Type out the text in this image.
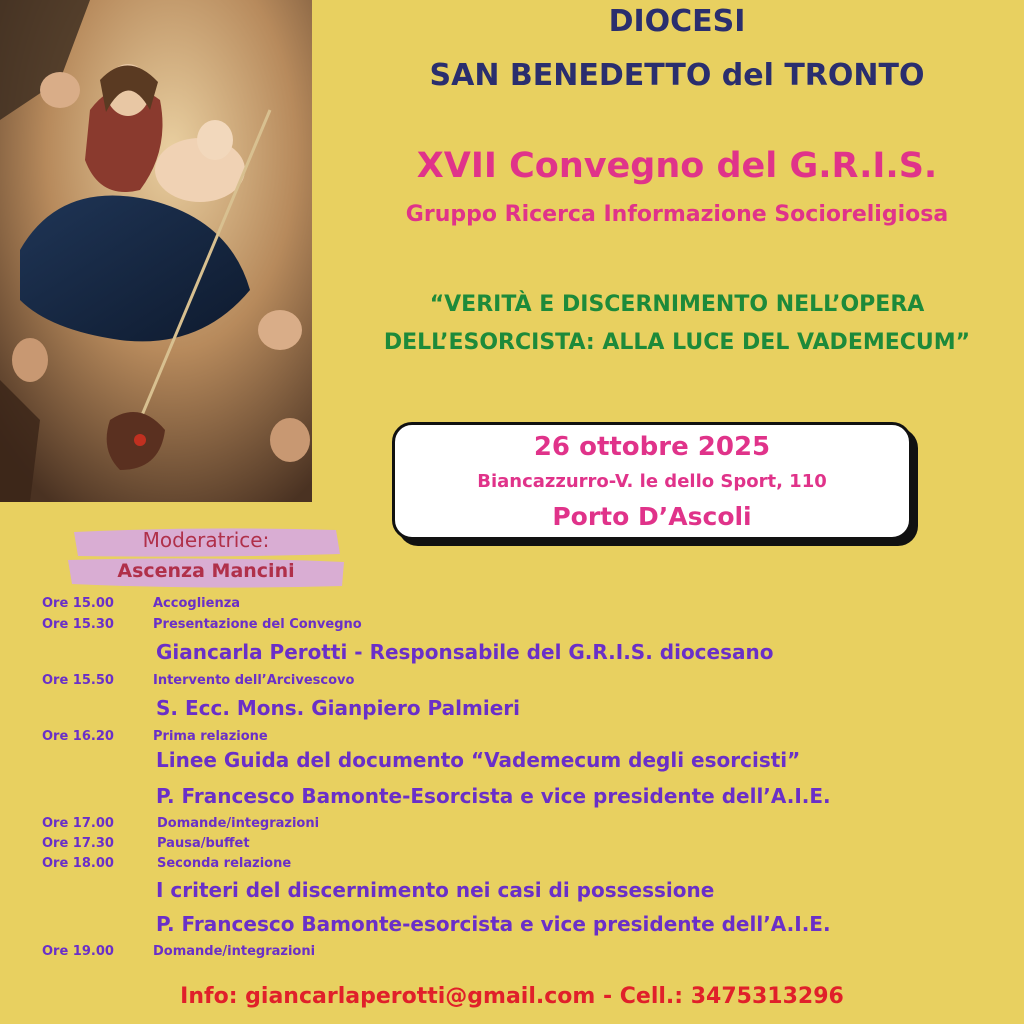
DIOCESI
SAN BENEDETTO del TRONTO
XVII Convegno del G.R.I.S.
Gruppo Ricerca Informazione Socioreligiosa
“VERITÀ E DISCERNIMENTO NELL’OPERA
DELL’ESORCISTA: ALLA LUCE DEL VADEMECUM”
26 ottobre 2025
Biancazzurro-V. le dello Sport, 110
Porto D’Ascoli
Moderatrice:
Ascenza Mancini
Ore 15.00	Accoglienza
Ore 15.30	Presentazione del Convegno
Giancarla Perotti - Responsabile del G.R.I.S. diocesano
Ore 15.50	Intervento dell’Arcivescovo
S. Ecc. Mons. Gianpiero Palmieri
Ore 16.20	Prima relazione
Linee Guida del documento “Vademecum degli esorcisti”
P. Francesco Bamonte-Esorcista e vice presidente dell’A.I.E.
Ore 17.00	Domande/integrazioni
Ore 17.30	Pausa/buffet
Ore 18.00	Seconda relazione
I criteri del discernimento nei casi di possessione
P. Francesco Bamonte-esorcista e vice presidente dell’A.I.E.
Ore 19.00	Domande/integrazioni
Info: giancarlaperotti@gmail.com - Cell.: 3475313296
